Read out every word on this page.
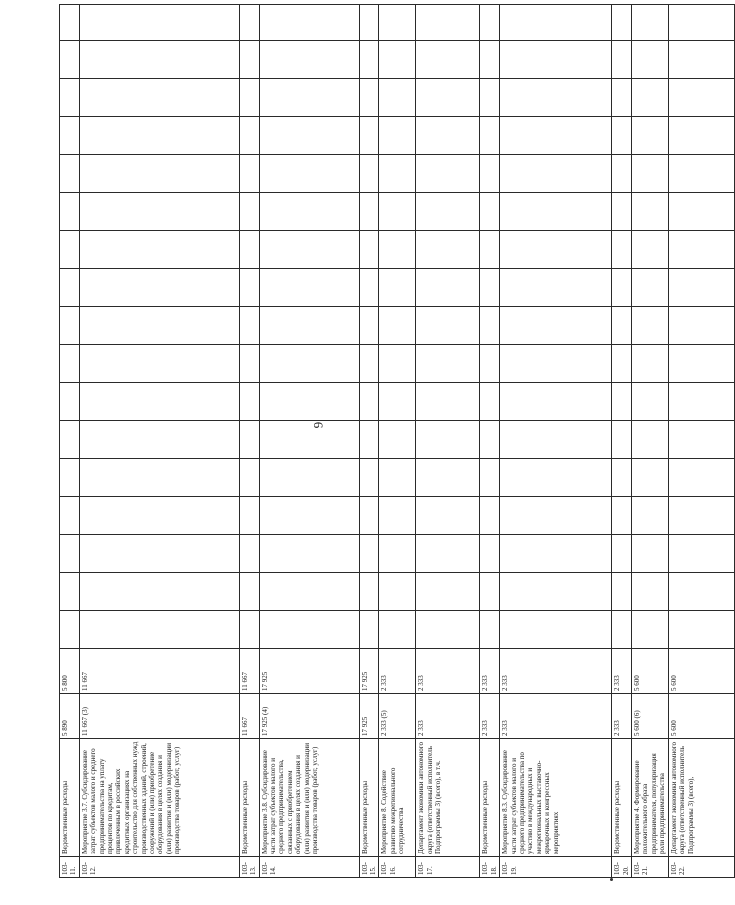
6
103-11.	Ведомственные расходы	5 890	5 800																	
103-12.	Мероприятие 3.7. Субсидирование затрат субъектов малого и среднего предпринимательства на уплату процентов по кредитам, привлеченным в российских кредитных организациях на строительство для собственных нужд производственных зданий, строений, сооружений и (или) приобретение оборудования в целях создания и (или) развития и (или) модернизации производства товаров (работ, услуг)	11 667 (3)	11 667																	
103-13.	Ведомственные расходы	11 667	11 667																	
103-14.	Мероприятие 3.8. Субсидирование части затрат субъектов малого и среднего предпринимательства, связанных с приобретением оборудования в целях создания и (или) развития и (или) модернизации производства товаров (работ, услуг)	17 925 (4)	17 925																	
103-15.	Ведомственные расходы	17 925	17 925																	
103-16.	Мероприятие 8. Содействие развитию межрегионального сотрудничества	2 333 (5)	2 333																	
103-17.	Департамент экономики автономного округа (ответственный исполнитель Подпрограммы 3) (всего), в т.ч.	2 333	2 333																	
103-18.	Ведомственные расходы	2 333	2 333																	
103-19.	Мероприятие 8.3. Субсидирование части затрат субъектов малого и среднего предпринимательства по участию в международных и межрегиональных выставочно-ярмарочных и конгрессных мероприятиях	2 333	2 333																	
103-20.	Ведомственные расходы	2 333	2 333																	
103-21.	Мероприятие 4. Формирование положительного образа предпринимателя, популяризация роли предпринимательства	5 600 (6)	5 600																	
103-22.	Департамент экономики автономного округа (ответственный исполнитель Подпрограммы 3) (всего),	5 600	5 600																	
